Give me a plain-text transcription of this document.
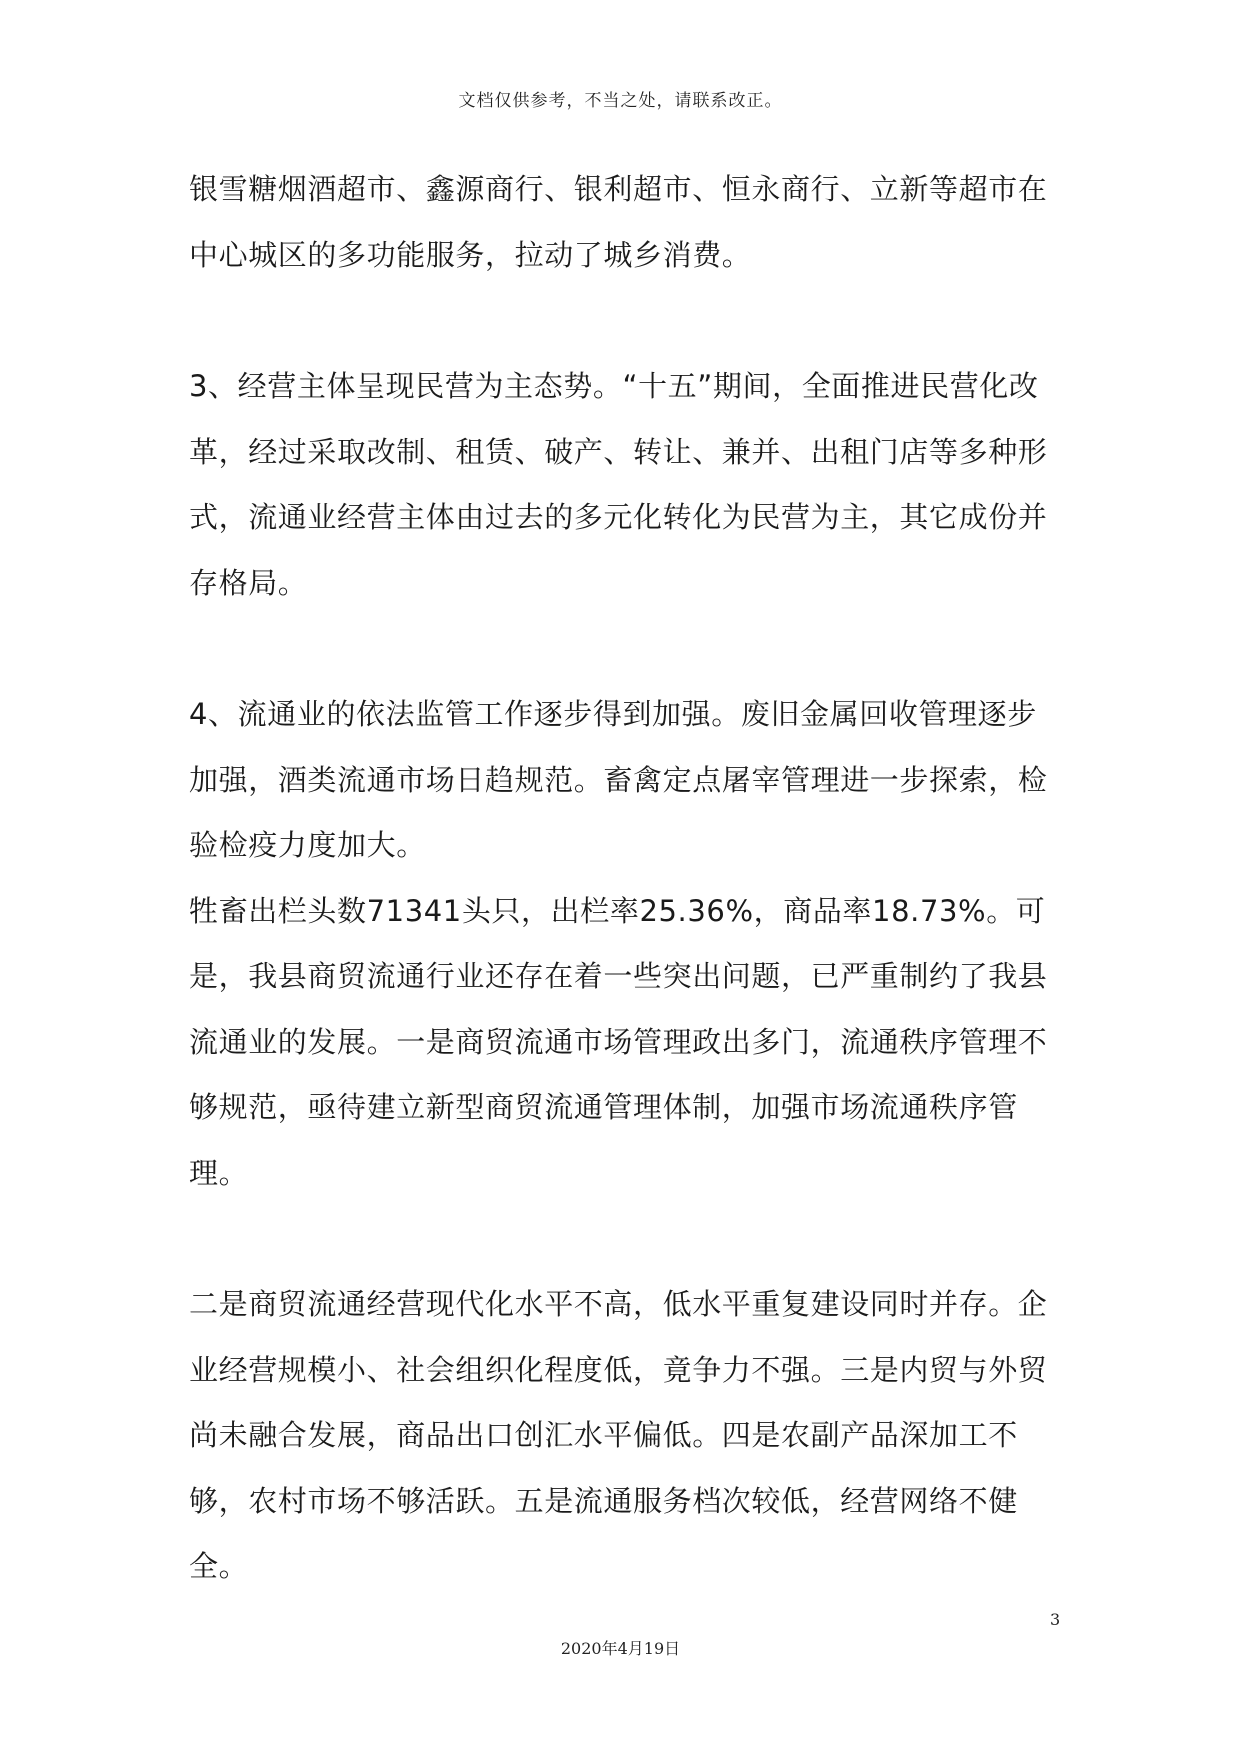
文档仅供参考，不当之处，请联系改正。

银雪糖烟酒超市、鑫源商行、银利超市、恒永商行、立新等超市在中心城区的多功能服务，拉动了城乡消费。

3、经营主体呈现民营为主态势。“十五”期间，全面推进民营化改革，经过采取改制、租赁、破产、转让、兼并、出租门店等多种形式，流通业经营主体由过去的多元化转化为民营为主，其它成份并存格局。

4、流通业的依法监管工作逐步得到加强。废旧金属回收管理逐步加强，酒类流通市场日趋规范。畜禽定点屠宰管理进一步探索，检验检疫力度加大。

牲畜出栏头数71341头只，出栏率25.36%，商品率18.73%。可是，我县商贸流通行业还存在着一些突出问题，已严重制约了我县流通业的发展。一是商贸流通市场管理政出多门，流通秩序管理不够规范，亟待建立新型商贸流通管理体制，加强市场流通秩序管理。

二是商贸流通经营现代化水平不高，低水平重复建设同时并存。企业经营规模小、社会组织化程度低，竟争力不强。三是内贸与外贸尚未融合发展，商品出口创汇水平偏低。四是农副产品深加工不够，农村市场不够活跃。五是流通服务档次较低，经营网络不健全。

3
2020年4月19日
